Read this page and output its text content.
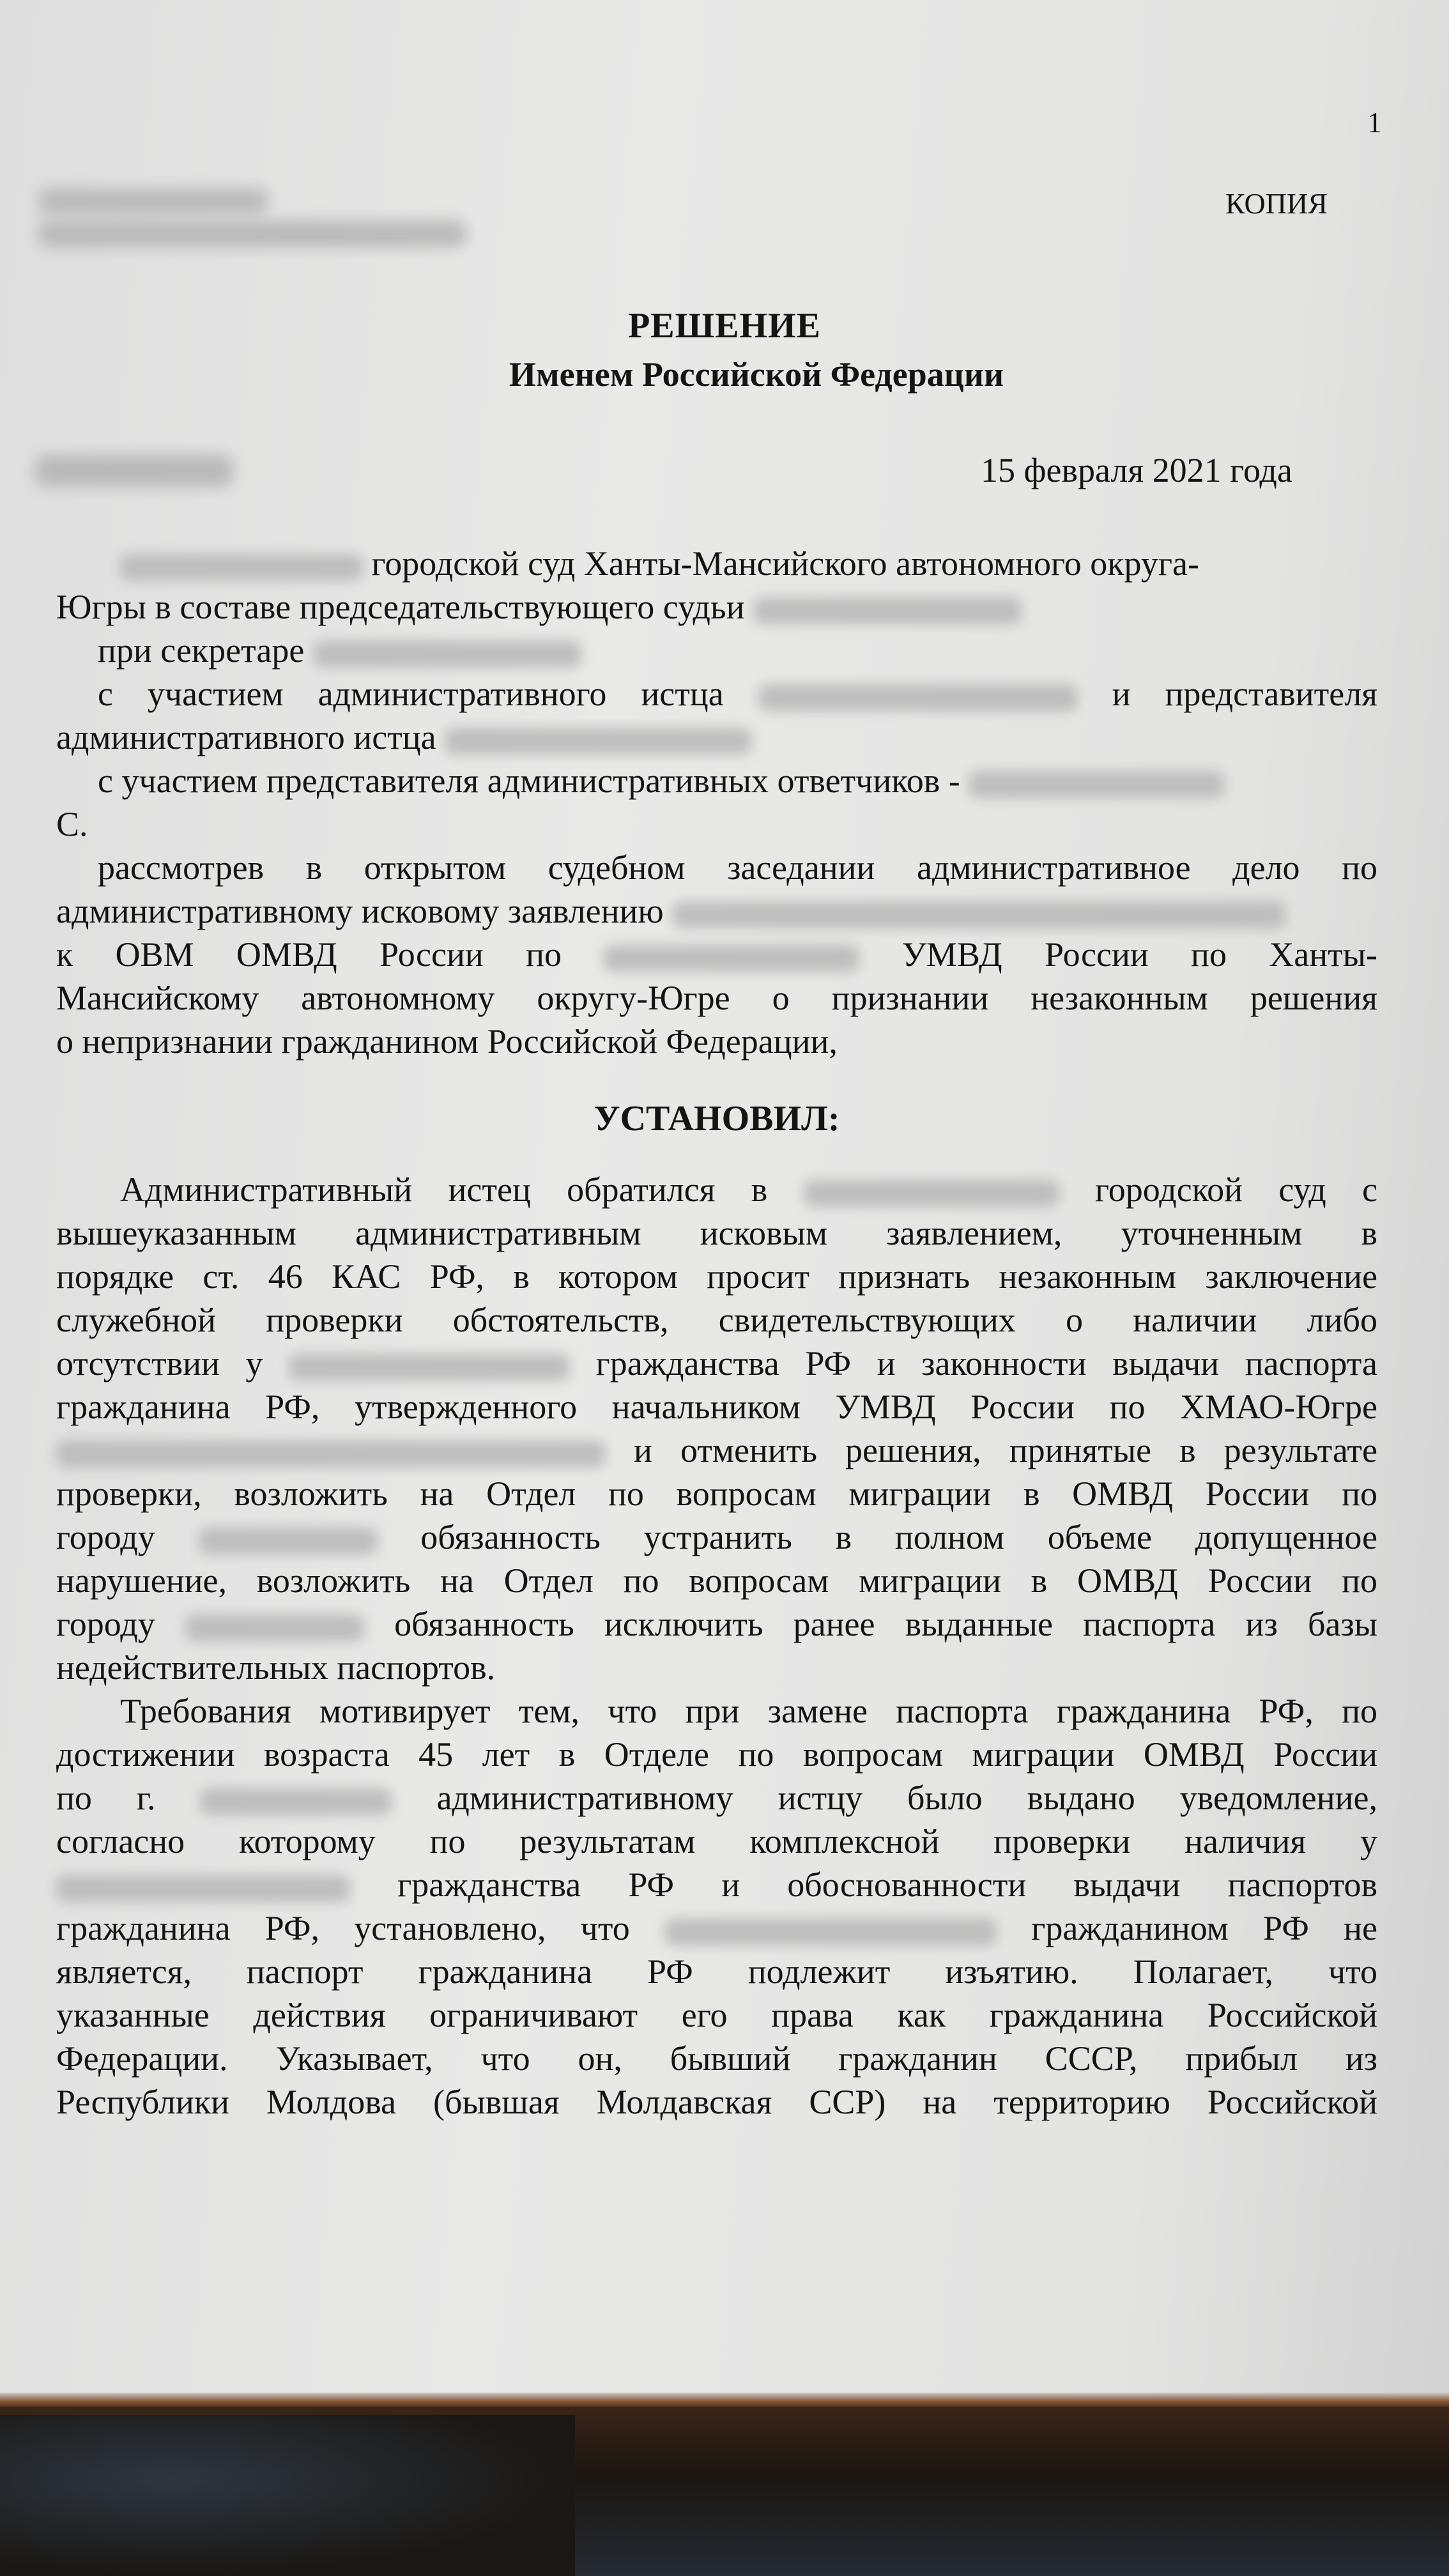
1
КОПИЯ
РЕШЕНИЕ
Именем Российской Федерации
15 февраля 2021 года
городской суд Ханты-Мансийского автономного округа-
Югры в составе председательствующего судьи
при секретаре
с участием административного истца	и представителя
административного истца
с участием представителя административных ответчиков -
С.
рассмотрев в открытом судебном заседании административное дело по
административному исковому заявлению
к ОВМ ОМВД России по	УМВД России по Ханты-
Мансийскому автономному округу-Югре о признании незаконным решения
о непризнании гражданином Российской Федерации,
УСТАНОВИЛ:
Административный истец обратился в	городской суд с
вышеуказанным административным исковым заявлением, уточненным в
порядке ст. 46 КАС РФ, в котором просит признать незаконным заключение
служебной проверки обстоятельств, свидетельствующих о наличии либо
отсутствии у	гражданства РФ и законности выдачи паспорта
гражданина РФ, утвержденного начальником УМВД России по ХМАО-Югре
и отменить решения, принятые в результате
проверки, возложить на Отдел по вопросам миграции в ОМВД России по
городу	обязанность устранить в полном объеме допущенное
нарушение, возложить на Отдел по вопросам миграции в ОМВД России по
городу	обязанность исключить ранее выданные паспорта из базы
недействительных паспортов.
Требования мотивирует тем, что при замене паспорта гражданина РФ, по
достижении возраста 45 лет в Отделе по вопросам миграции ОМВД России
по г.	административному истцу было выдано уведомление,
согласно которому по результатам комплексной проверки наличия у
гражданства РФ и обоснованности выдачи паспортов
гражданина РФ, установлено, что	гражданином РФ не
является, паспорт гражданина РФ подлежит изъятию. Полагает, что
указанные действия ограничивают его права как гражданина Российской
Федерации. Указывает, что он, бывший гражданин СССР, прибыл из
Республики Молдова (бывшая Молдавская ССР) на территорию Российской
